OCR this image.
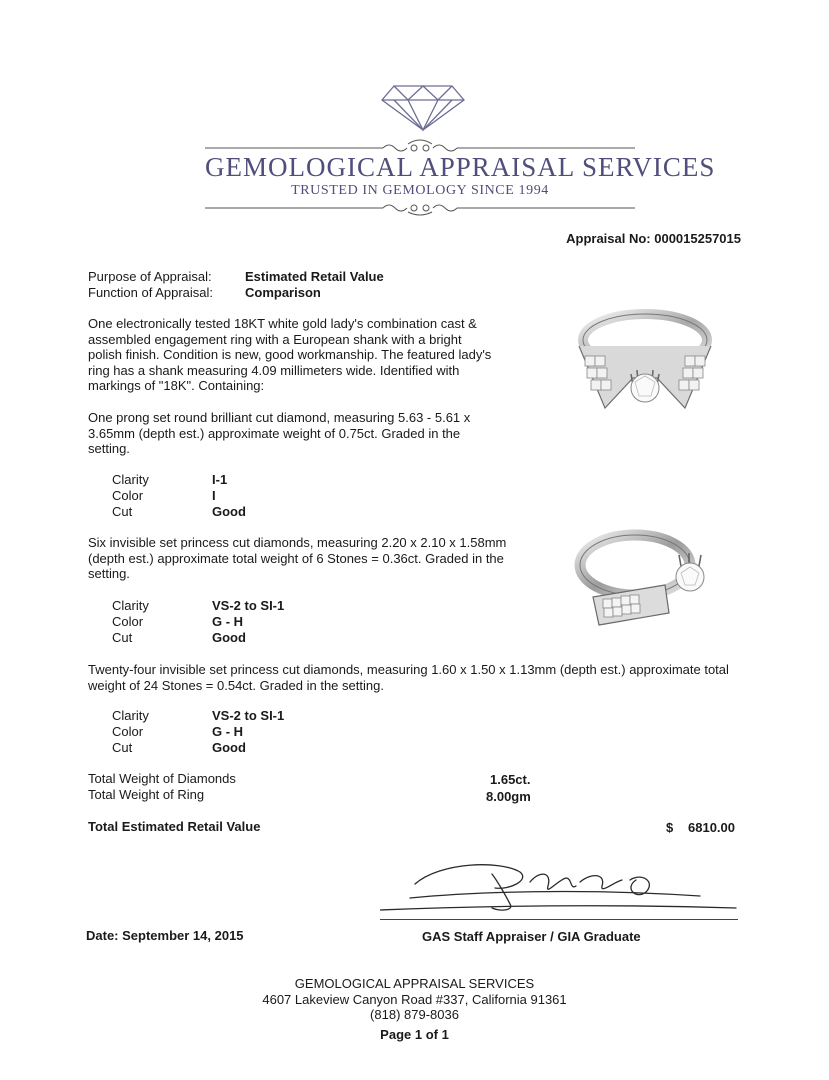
GEMOLOGICAL APPRAISAL SERVICES
TRUSTED IN GEMOLOGY SINCE 1994
Appraisal No: 000015257015
Purpose of Appraisal:	Estimated Retail Value
Function of Appraisal: Comparison
One electronically tested 18KT white gold lady's combination cast & assembled engagement ring with a European shank with a bright polish finish. Condition is new, good workmanship. The featured lady's ring has a shank measuring 4.09 millimeters wide. Identified with markings of "18K". Containing:
One prong set round brilliant cut diamond, measuring 5.63 - 5.61 x 3.65mm (depth est.) approximate weight of 0.75ct. Graded in the setting.
Clarity	I-1
Color	I
Cut	Good
Six invisible set princess cut diamonds, measuring 2.20 x 2.10 x 1.58mm (depth est.) approximate total weight of 6 Stones = 0.36ct. Graded in the setting.
Clarity	VS-2 to SI-1
Color	G - H
Cut	Good
Twenty-four invisible set princess cut diamonds, measuring 1.60 x 1.50 x 1.13mm (depth est.) approximate total weight of 24 Stones = 0.54ct. Graded in the setting.
Clarity	VS-2 to SI-1
Color	G - H
Cut	Good
Total Weight of Diamonds	1.65ct.
Total Weight of Ring	8.00gm
Total Estimated Retail Value	$ 6810.00
Date: September 14, 2015	GAS Staff Appraiser / GIA Graduate
GEMOLOGICAL APPRAISAL SERVICES
4607 Lakeview Canyon Road #337, California 91361
(818) 879-8036
Page 1 of 1
